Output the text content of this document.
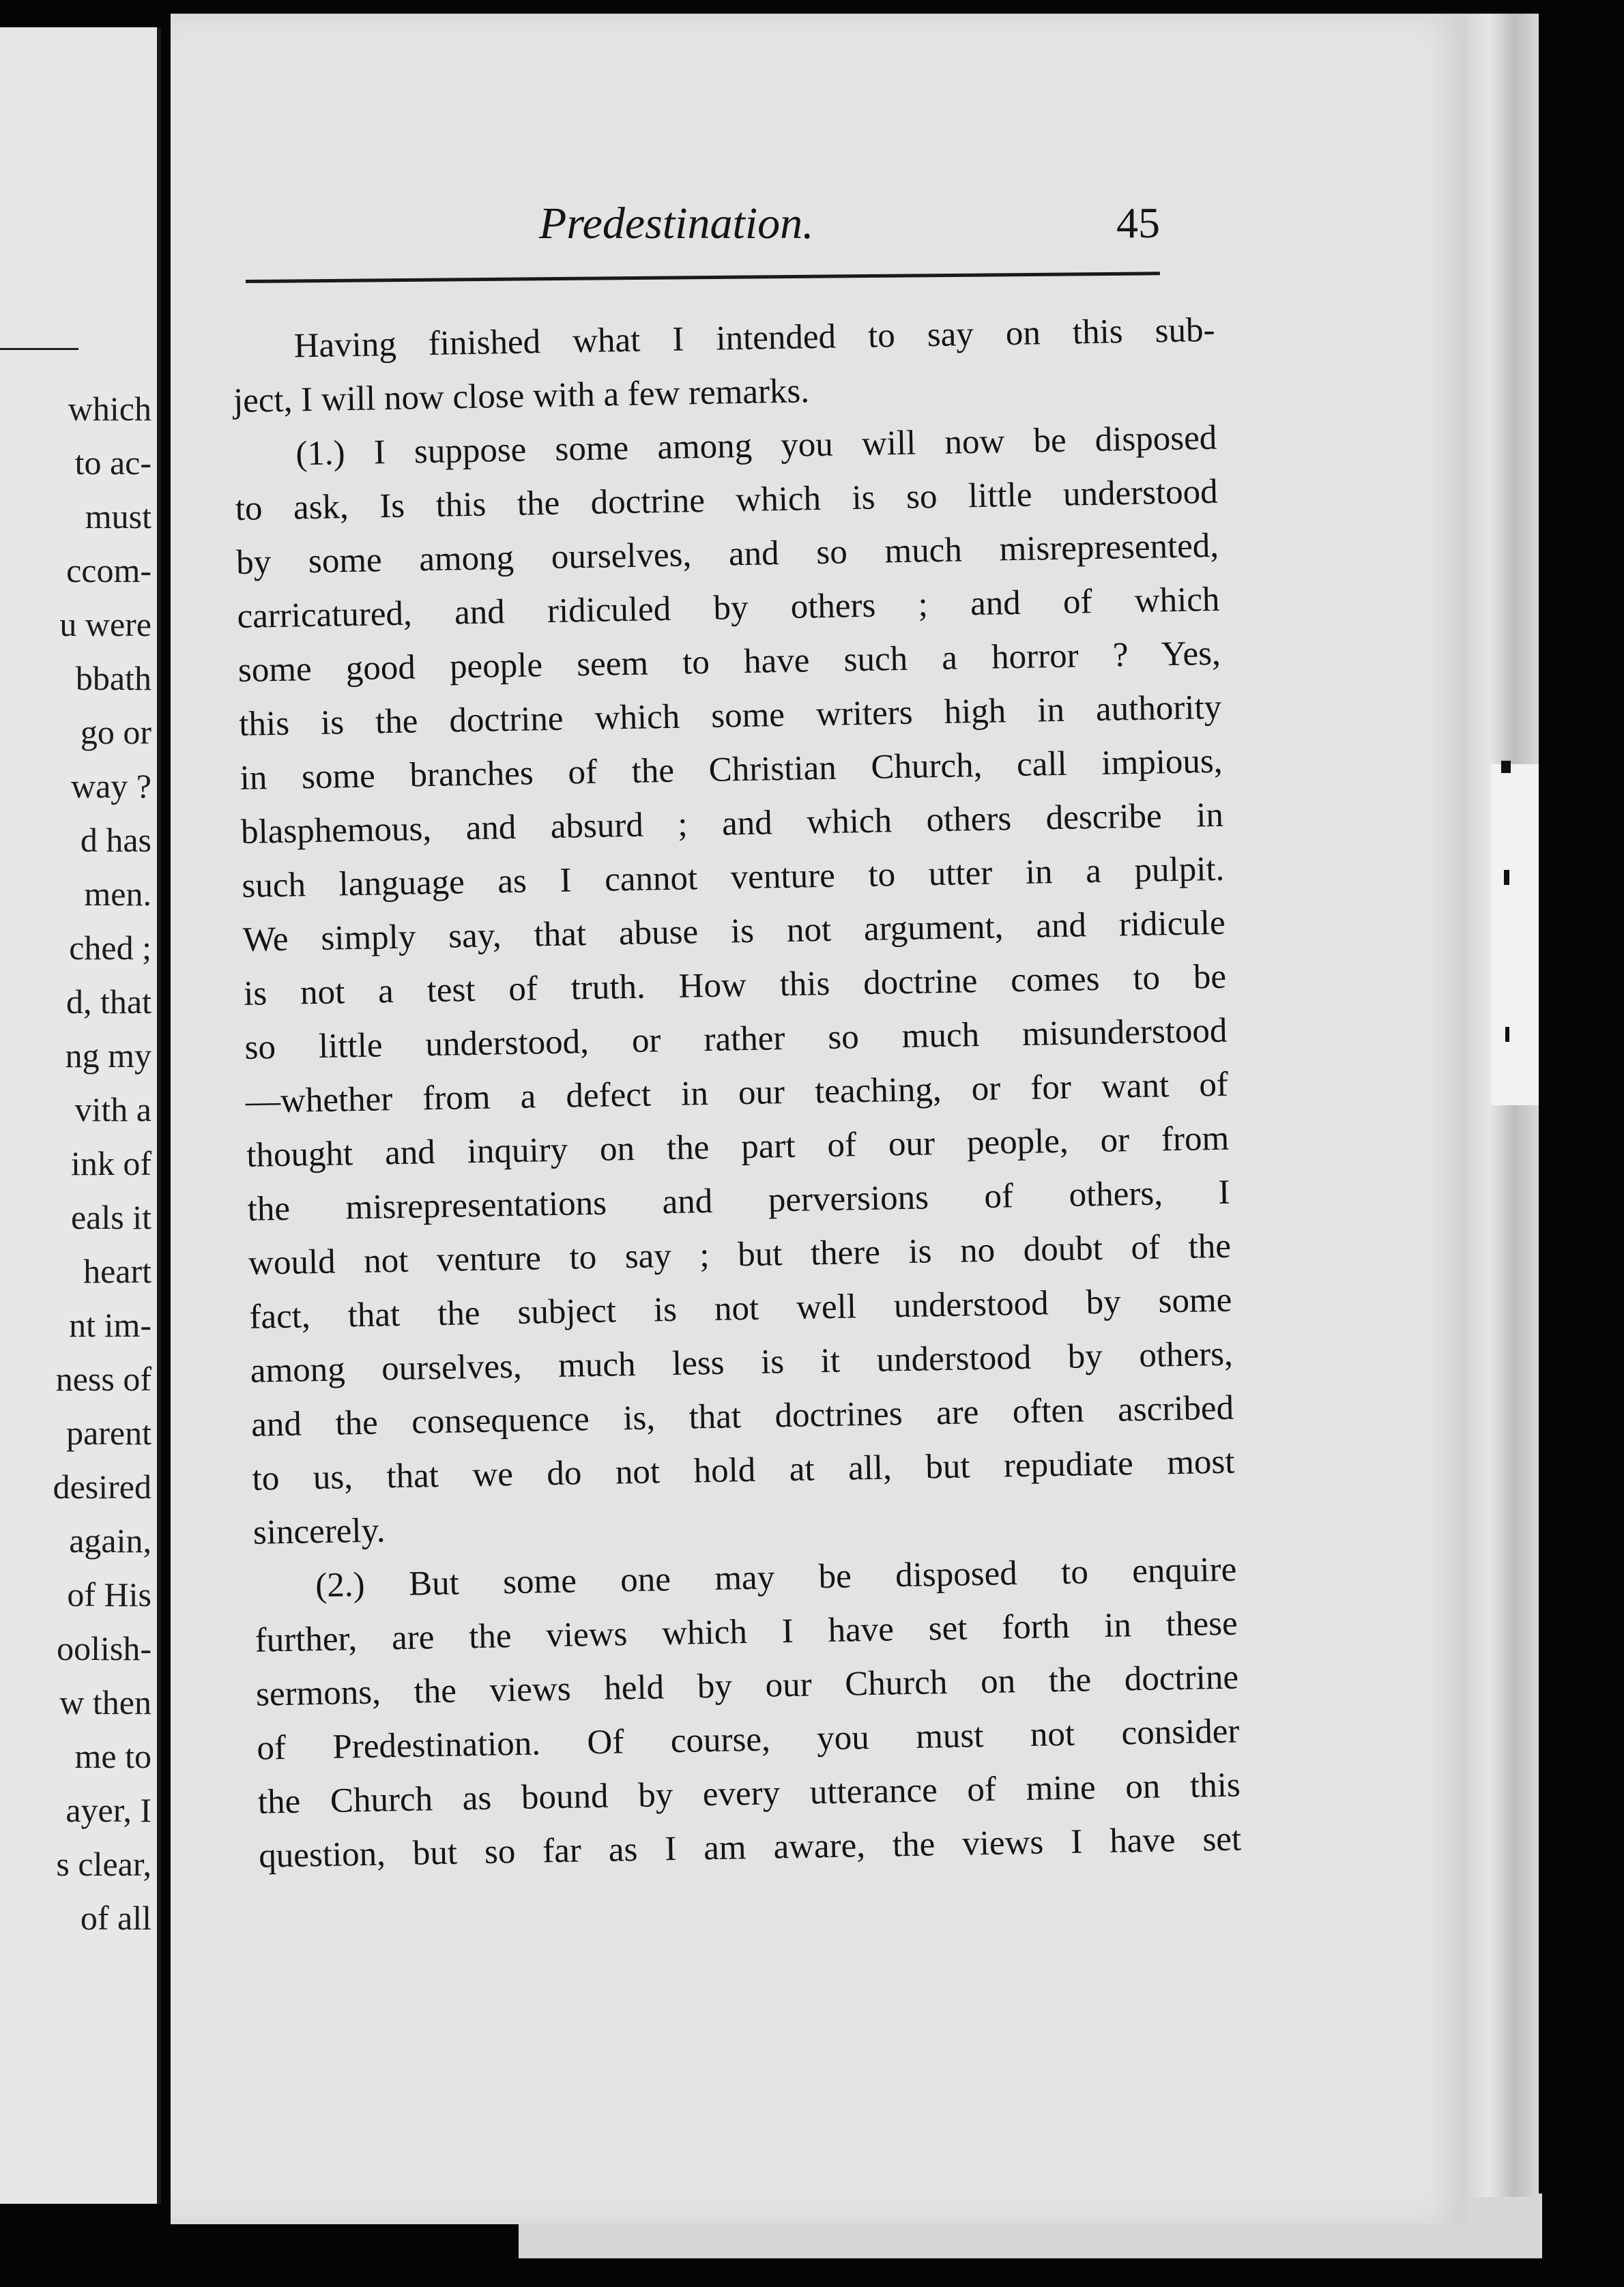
which
to ac-
must
ccom-
u were
bbath
go or
way ?
d has
men.
ched ;
d, that
ng my
vith a
ink of
eals it
heart
nt im-
ness of
parent
desired
again,
of His
oolish-
w then
me to
ayer, I
s clear,
of all
Predestination.	45
Having finished what I intended to say on this sub-
ject, I will now close with a few remarks.
(1.) I suppose some among you will now be disposed
to ask, Is this the doctrine which is so little understood
by some among ourselves, and so much misrepresented,
carricatured, and ridiculed by others ; and of which
some good people seem to have such a horror ? Yes,
this is the doctrine which some writers high in authority
in some branches of the Christian Church, call impious,
blasphemous, and absurd ; and which others describe in
such language as I cannot venture to utter in a pulpit.
We simply say, that abuse is not argument, and ridicule
is not a test of truth. How this doctrine comes to be
so little understood, or rather so much misunderstood
—whether from a defect in our teaching, or for want of
thought and inquiry on the part of our people, or from
the misrepresentations and perversions of others, I
would not venture to say ; but there is no doubt of the
fact, that the subject is not well understood by some
among ourselves, much less is it understood by others,
and the consequence is, that doctrines are often ascribed
to us, that we do not hold at all, but repudiate most
sincerely.
(2.) But some one may be disposed to enquire
further, are the views which I have set forth in these
sermons, the views held by our Church on the doctrine
of Predestination. Of course, you must not consider
the Church as bound by every utterance of mine on this
question, but so far as I am aware, the views I have set
